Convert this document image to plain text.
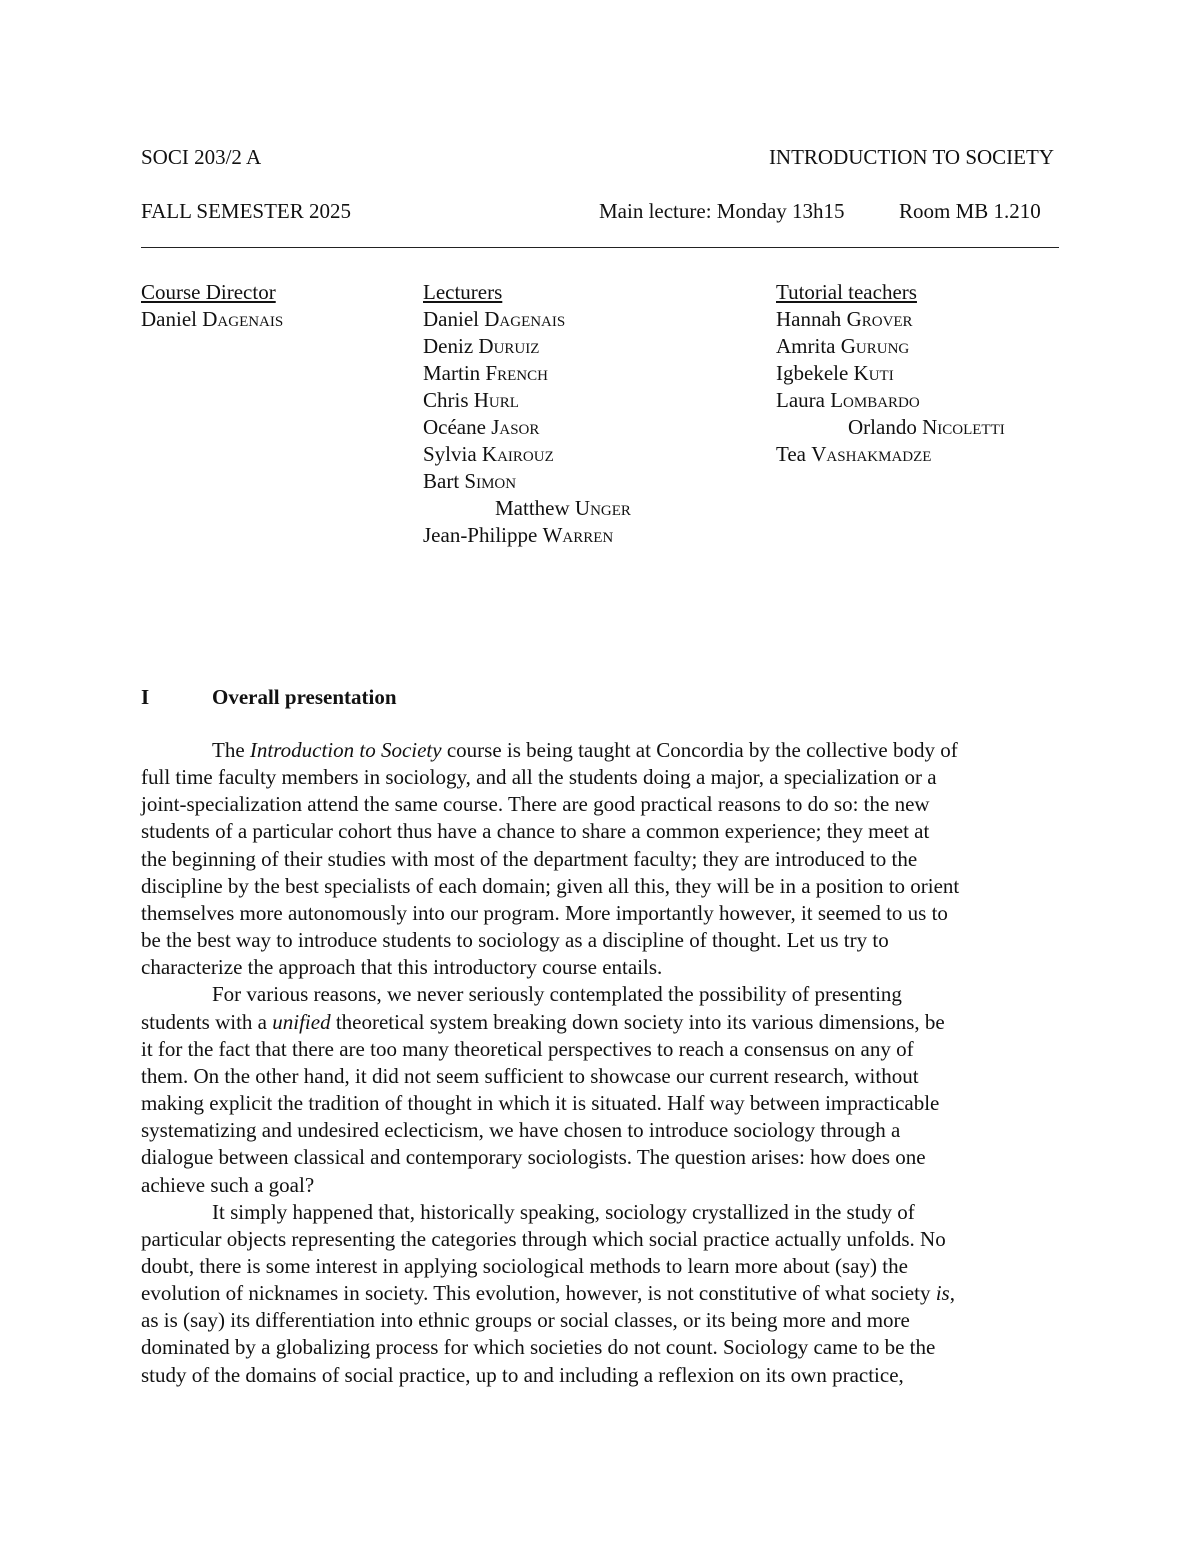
SOCI 203/2 A	INTRODUCTION TO SOCIETY
FALL SEMESTER 2025	Main lecture: Monday 13h15	Room MB 1.210
Course Director
Daniel Dagenais
Lecturers
Daniel Dagenais
Deniz Duruiz
Martin French
Chris Hurl
Océane Jasor
Sylvia Kairouz
Bart Simon
Matthew Unger
Jean-Philippe Warren
Tutorial teachers
Hannah Grover
Amrita Gurung
Igbekele Kuti
Laura Lombardo
Orlando Nicoletti
Tea Vashakmadze
I	Overall presentation
The Introduction to Society course is being taught at Concordia by the collective body of
full time faculty members in sociology, and all the students doing a major, a specialization or a
joint-specialization attend the same course. There are good practical reasons to do so: the new
students of a particular cohort thus have a chance to share a common experience; they meet at
the beginning of their studies with most of the department faculty; they are introduced to the
discipline by the best specialists of each domain; given all this, they will be in a position to orient
themselves more autonomously into our program. More importantly however, it seemed to us to
be the best way to introduce students to sociology as a discipline of thought. Let us try to
characterize the approach that this introductory course entails.
For various reasons, we never seriously contemplated the possibility of presenting
students with a unified theoretical system breaking down society into its various dimensions, be
it for the fact that there are too many theoretical perspectives to reach a consensus on any of
them. On the other hand, it did not seem sufficient to showcase our current research, without
making explicit the tradition of thought in which it is situated. Half way between impracticable
systematizing and undesired eclecticism, we have chosen to introduce sociology through a
dialogue between classical and contemporary sociologists. The question arises: how does one
achieve such a goal?
It simply happened that, historically speaking, sociology crystallized in the study of
particular objects representing the categories through which social practice actually unfolds. No
doubt, there is some interest in applying sociological methods to learn more about (say) the
evolution of nicknames in society. This evolution, however, is not constitutive of what society is,
as is (say) its differentiation into ethnic groups or social classes, or its being more and more
dominated by a globalizing process for which societies do not count. Sociology came to be the
study of the domains of social practice, up to and including a reflexion on its own practice,
